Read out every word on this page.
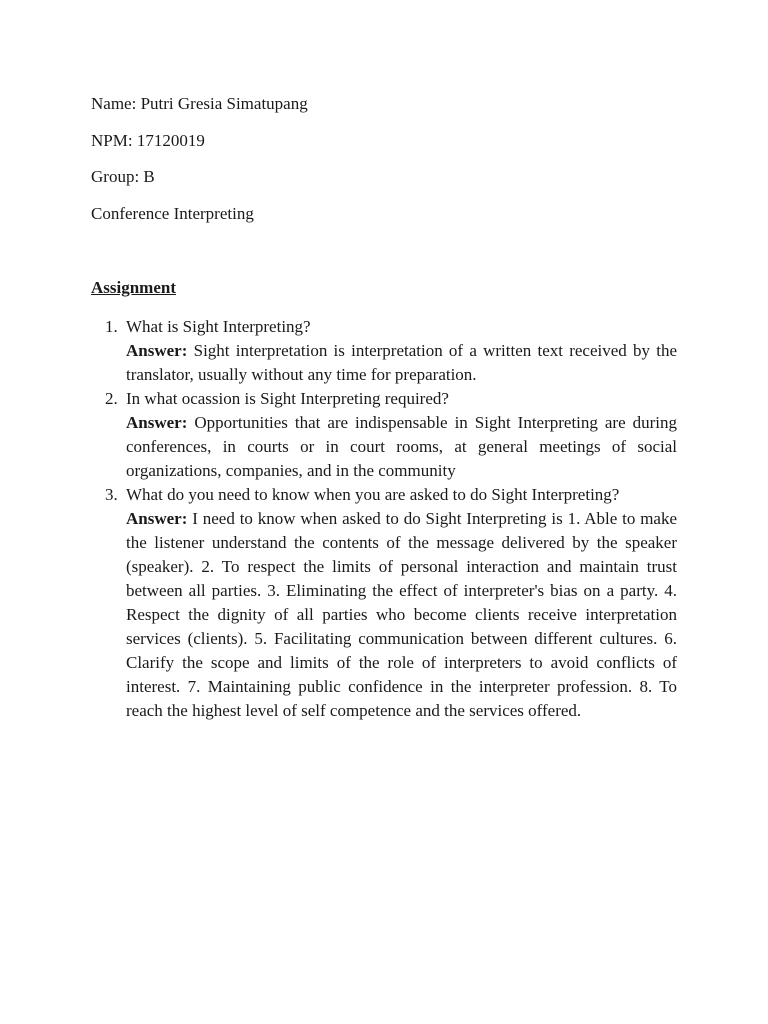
Name: Putri Gresia Simatupang
NPM: 17120019
Group: B
Conference Interpreting
Assignment
1. What is Sight Interpreting?
Answer: Sight interpretation is interpretation of a written text received by the translator, usually without any time for preparation.
2. In what ocassion is Sight Interpreting required?
Answer: Opportunities that are indispensable in Sight Interpreting are during conferences, in courts or in court rooms, at general meetings of social organizations, companies, and in the community
3. What do you need to know when you are asked to do Sight Interpreting?
Answer: I need to know when asked to do Sight Interpreting is 1. Able to make the listener understand the contents of the message delivered by the speaker (speaker). 2. To respect the limits of personal interaction and maintain trust between all parties. 3. Eliminating the effect of interpreter's bias on a party. 4. Respect the dignity of all parties who become clients receive interpretation services (clients). 5. Facilitating communication between different cultures. 6. Clarify the scope and limits of the role of interpreters to avoid conflicts of interest. 7. Maintaining public confidence in the interpreter profession. 8. To reach the highest level of self competence and the services offered.
